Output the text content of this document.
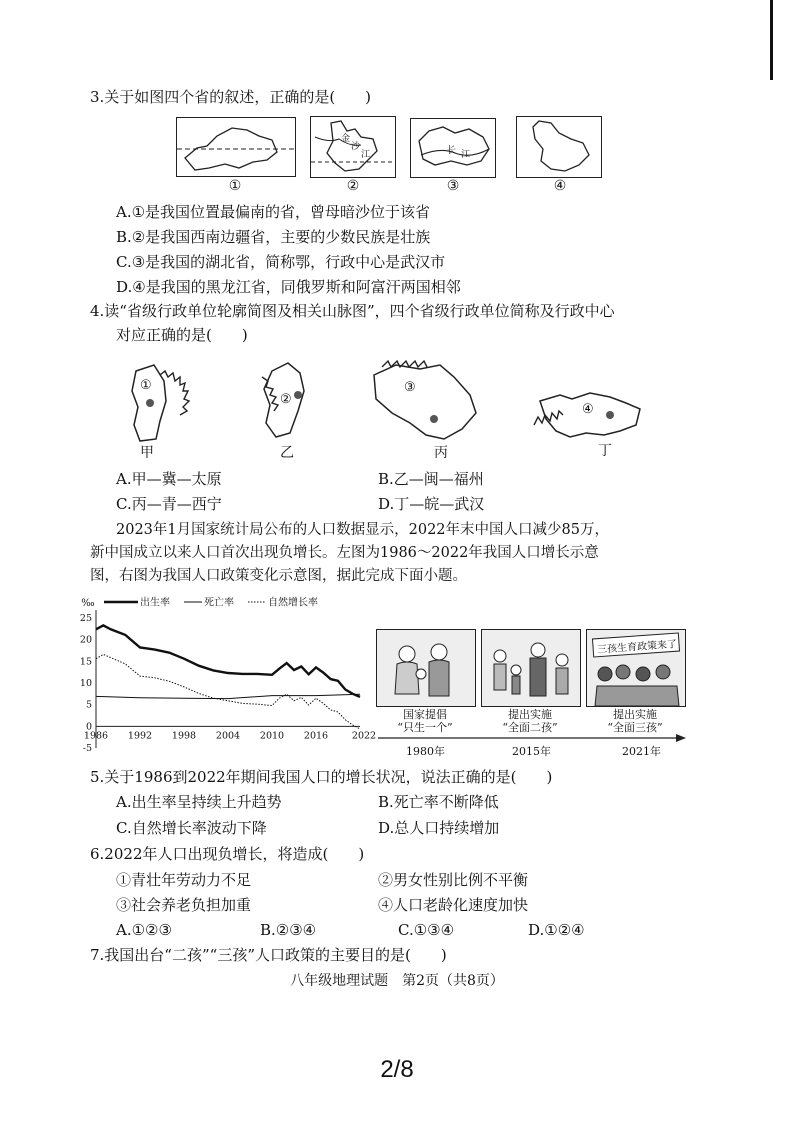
3.关于如图四个省的叙述，正确的是(　　)
金
沙
江	长 江
①	②	③	④
A.①是我国位置最偏南的省，曾母暗沙位于该省
B.②是我国西南边疆省，主要的少数民族是壮族
C.③是我国的湖北省，简称鄂，行政中心是武汉市
D.④是我国的黑龙江省，同俄罗斯和阿富汗两国相邻
4.读“省级行政单位轮廓简图及相关山脉图”，四个省级行政单位简称及行政中心
对应正确的是(　　)
①
②
③
④
甲	乙	丙	丁
A.甲—冀—太原	B.乙—闽—福州
C.丙—青—西宁	D.丁—皖—武汉
2023年1月国家统计局公布的人口数据显示，2022年末中国人口减少85万，
新中国成立以来人口首次出现负增长。左图为1986～2022年我国人口增长示意
图，右图为我国人口政策变化示意图，据此完成下面小题。
25
20
15
10
5
0
-5
1986 1992 1998 2004 2010 2016	2022
‰	出生率	死亡率	自然增长率
三孩生育政策来了
国家提倡
“只生一个”
提出实施
“全面二孩”
提出实施
“全面三孩”
1980年	2015年	2021年
5.关于1986到2022年期间我国人口的增长状况，说法正确的是(　　)
A.出生率呈持续上升趋势	B.死亡率不断降低
C.自然增长率波动下降	D.总人口持续增加
6.2022年人口出现负增长，将造成(　　)
①青壮年劳动力不足	②男女性别比例不平衡
③社会养老负担加重	④人口老龄化速度加快
A.①②③	B.②③④	C.①③④	D.①②④
7.我国出台“二孩”“三孩”人口政策的主要目的是(　　)
八年级地理试题　第2页（共8页）
2/8
